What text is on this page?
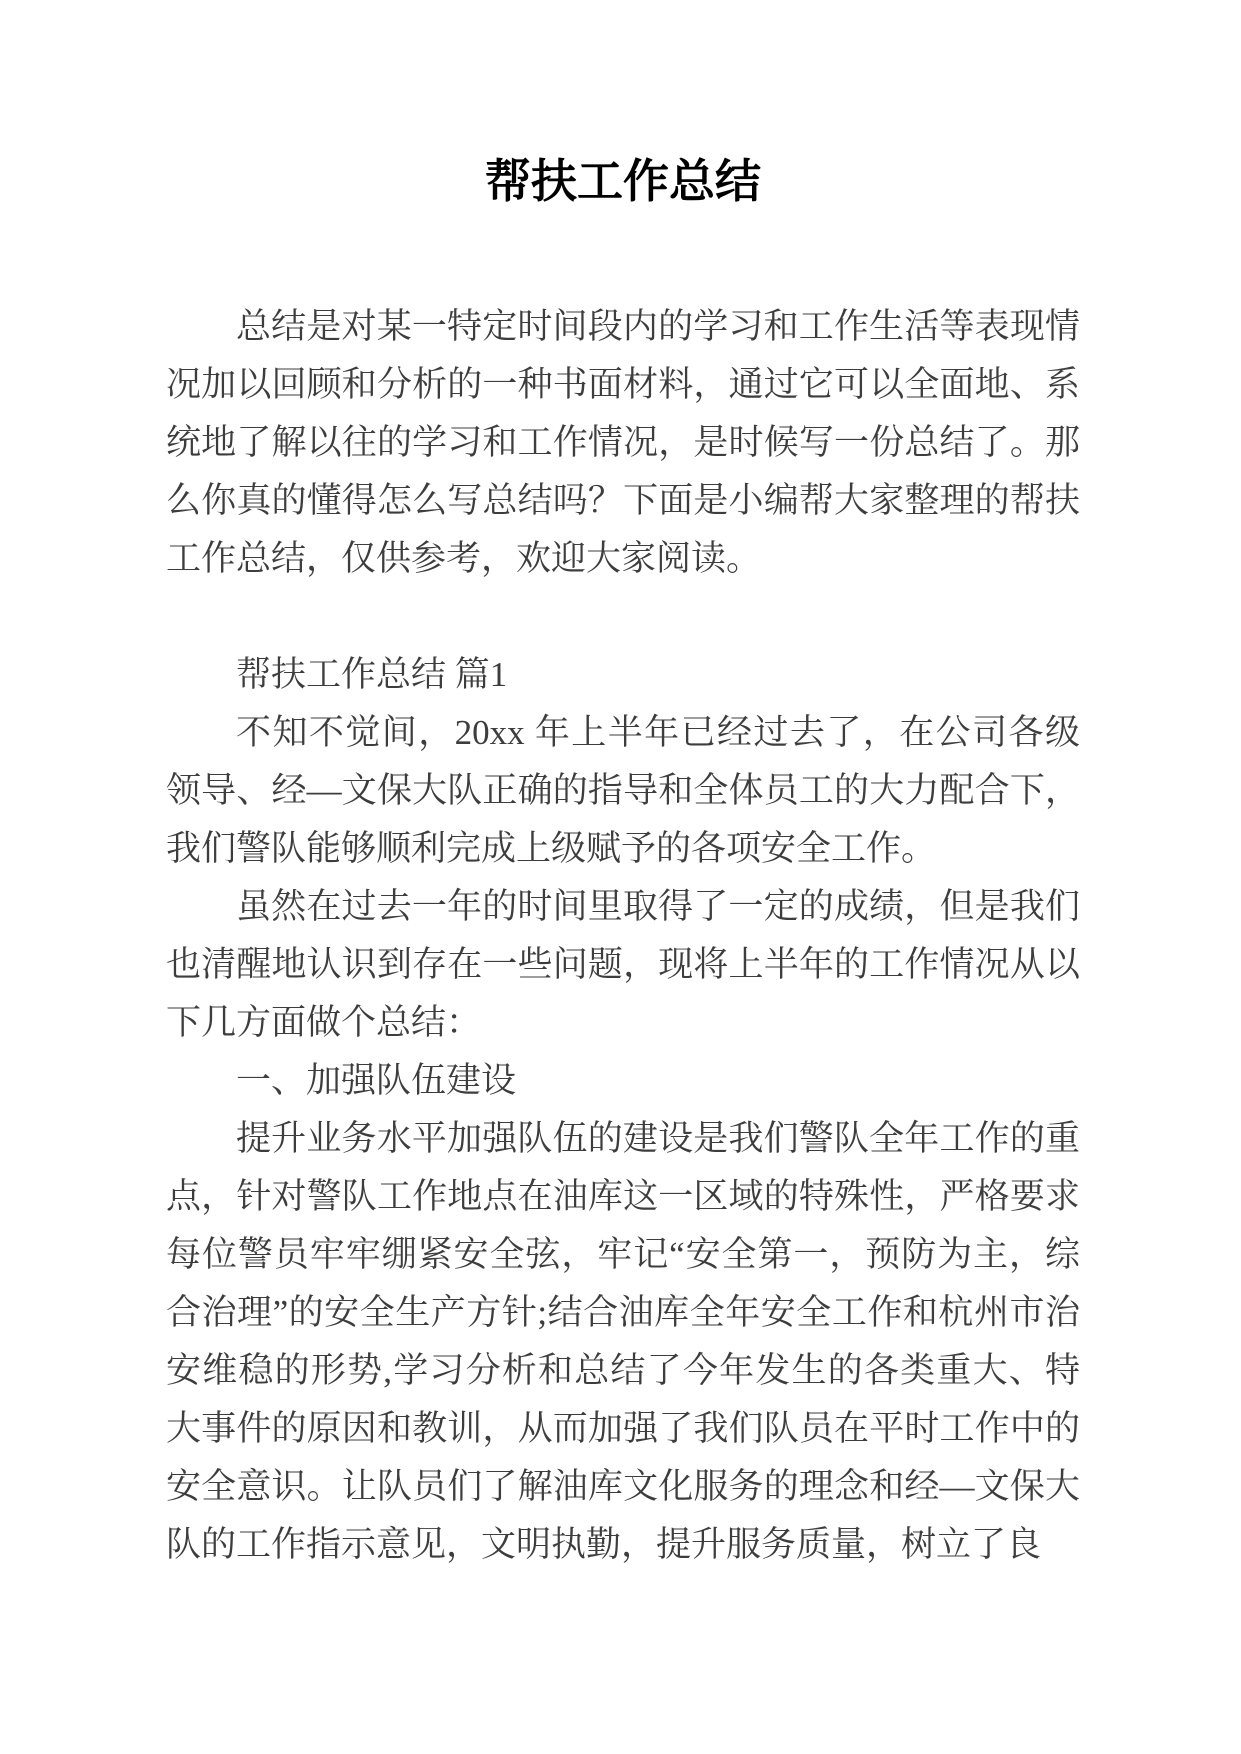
帮扶工作总结

总结是对某一特定时间段内的学习和工作生活等表现情况加以回顾和分析的一种书面材料，通过它可以全面地、系统地了解以往的学习和工作情况，是时候写一份总结了。那么你真的懂得怎么写总结吗？下面是小编帮大家整理的帮扶工作总结，仅供参考，欢迎大家阅读。

帮扶工作总结 篇1

不知不觉间，20xx 年上半年已经过去了，在公司各级领导、经—文保大队正确的指导和全体员工的大力配合下，我们警队能够顺利完成上级赋予的各项安全工作。

虽然在过去一年的时间里取得了一定的成绩，但是我们也清醒地认识到存在一些问题，现将上半年的工作情况从以下几方面做个总结：

一、加强队伍建设

提升业务水平加强队伍的建设是我们警队全年工作的重点，针对警队工作地点在油库这一区域的特殊性，严格要求每位警员牢牢绷紧安全弦，牢记“安全第一，预防为主，综合治理”的安全生产方针;结合油库全年安全工作和杭州市治安维稳的形势,学习分析和总结了今年发生的各类重大、特大事件的原因和教训，从而加强了我们队员在平时工作中的安全意识。让队员们了解油库文化服务的理念和经—文保大队的工作指示意见，文明执勤，提升服务质量，树立了良
